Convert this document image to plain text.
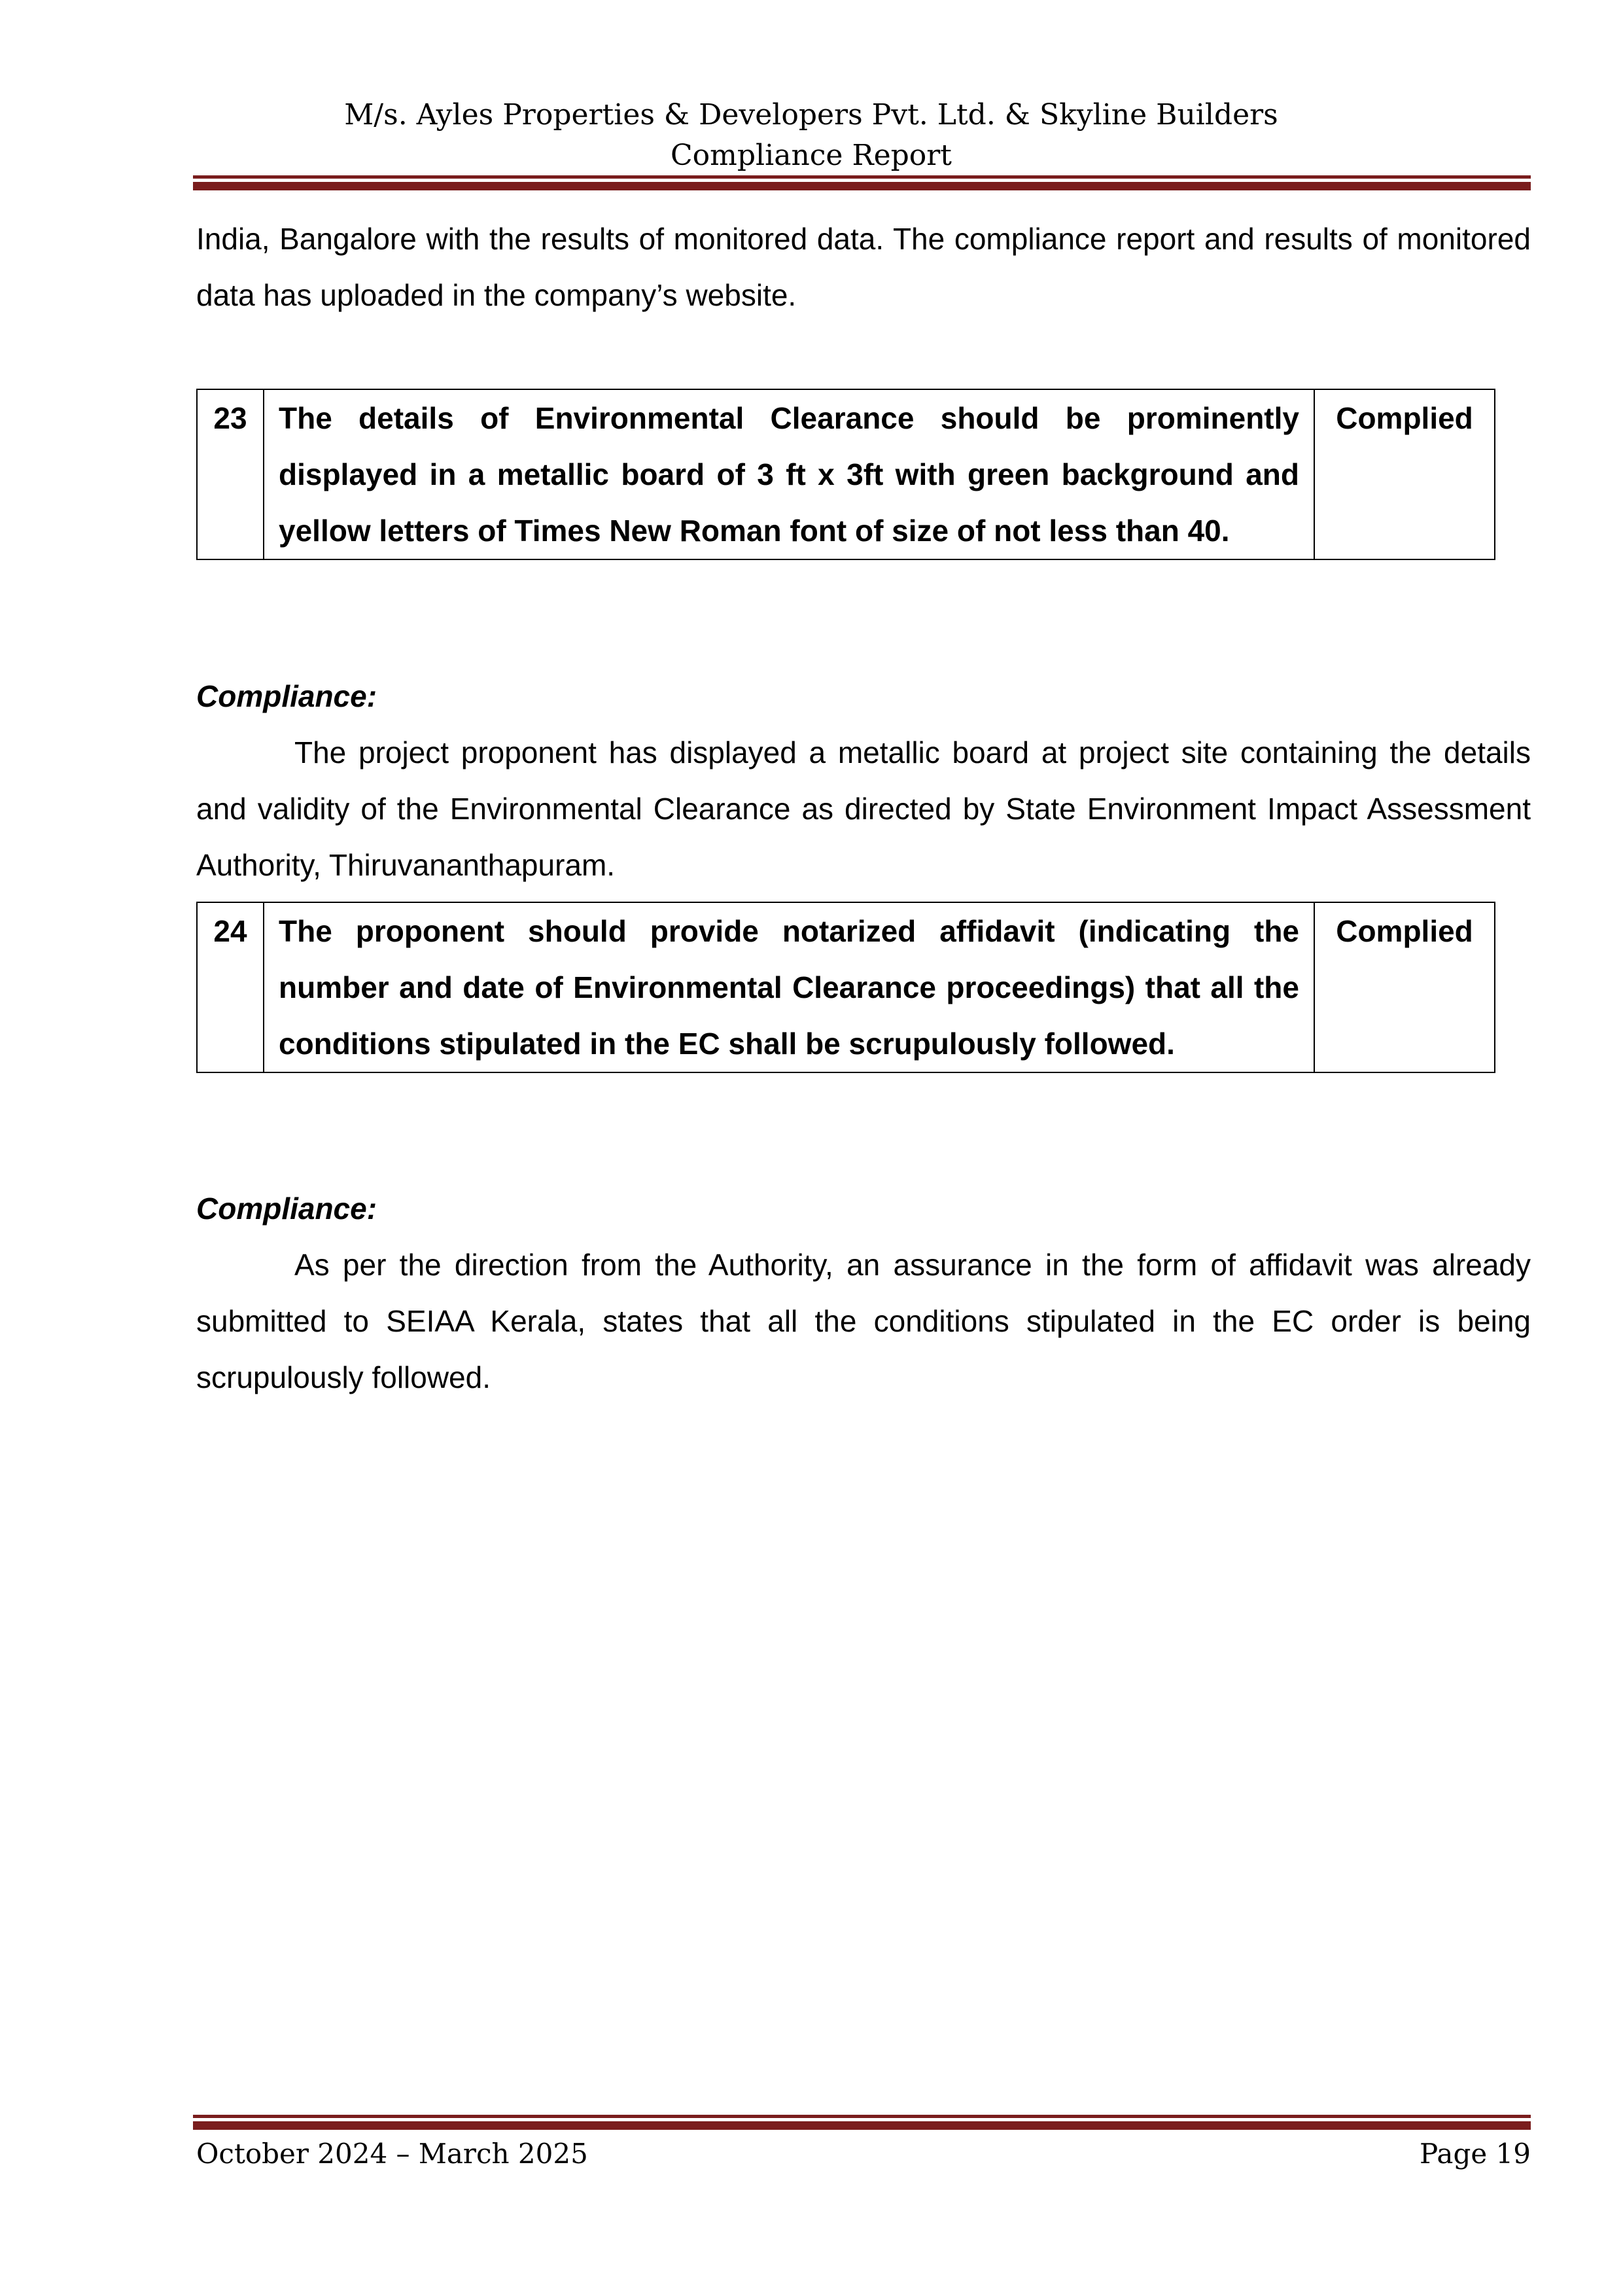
M/s. Ayles Properties & Developers Pvt. Ltd. & Skyline Builders
Compliance Report

India, Bangalore with the results of monitored data. The compliance report and results of monitored data has uploaded in the company’s website.

23	The details of Environmental Clearance should be prominently displayed in a metallic board of 3 ft x 3ft with green background and yellow letters of Times New Roman font of size of not less than 40.	Complied

Compliance:

The project proponent has displayed a metallic board at project site containing the details and validity of the Environmental Clearance as directed by State Environment Impact Assessment Authority, Thiruvananthapuram.

24	The proponent should provide notarized affidavit (indicating the number and date of Environmental Clearance proceedings) that all the conditions stipulated in the EC shall be scrupulously followed.	Complied

Compliance:

As per the direction from the Authority, an assurance in the form of affidavit was already submitted to SEIAA Kerala, states that all the conditions stipulated in the EC order is being scrupulously followed.

October 2024 – March 2025	Page 19
